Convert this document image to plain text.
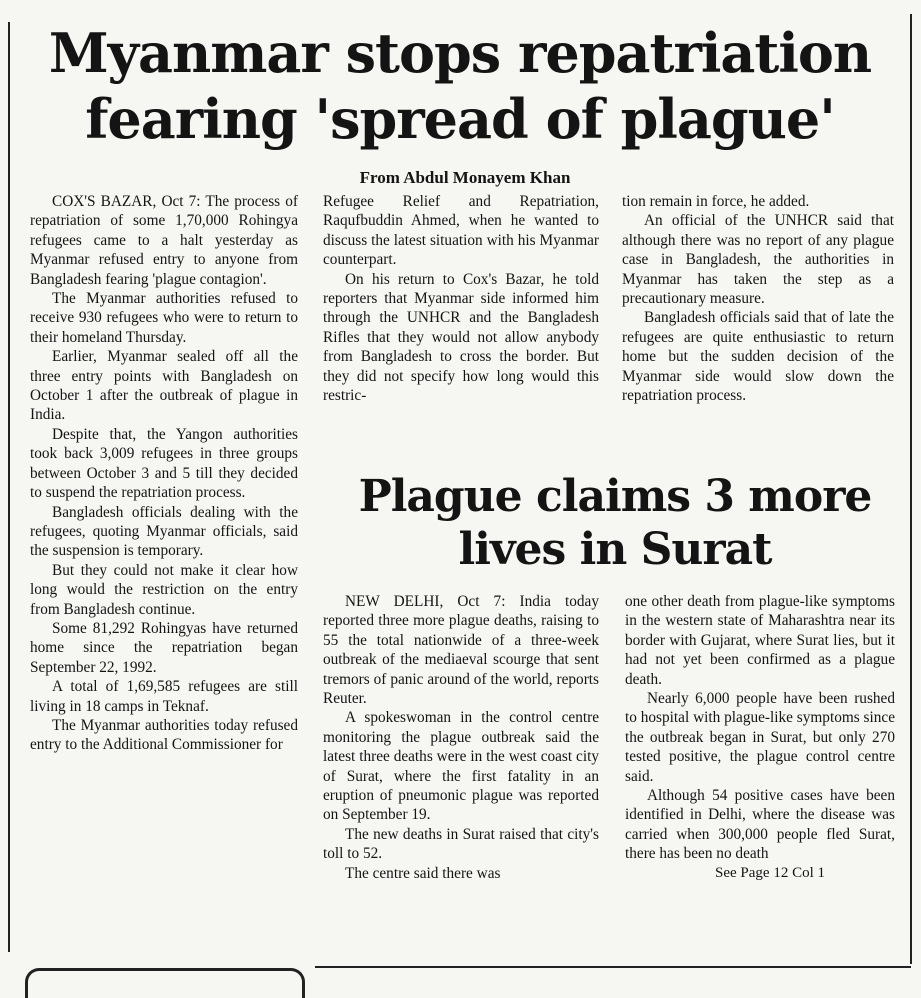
Myanmar stops repatriation
fearing 'spread of plague'
From Abdul Monayem Khan

COX'S BAZAR, Oct 7: The process of repatriation of some 1,70,000 Rohingya refugees came to a halt yesterday as Myanmar refused entry to anyone from Bangladesh fearing 'plague contagion'.

The Myanmar authorities refused to receive 930 refugees who were to return to their homeland Thursday.

Earlier, Myanmar sealed off all the three entry points with Bangladesh on October 1 after the outbreak of plague in India.

Despite that, the Yangon authorities took back 3,009 refugees in three groups between October 3 and 5 till they decided to suspend the repatriation process.

Bangladesh officials dealing with the refugees, quoting Myanmar officials, said the suspension is temporary.

But they could not make it clear how long would the restriction on the entry from Bangladesh continue.

Some 81,292 Rohingyas have returned home since the repatriation began September 22, 1992.

A total of 1,69,585 refugees are still living in 18 camps in Teknaf.

The Myanmar authorities today refused entry to the Additional Commissioner for

Refugee Relief and Repatriation, Raqufbuddin Ahmed, when he wanted to discuss the latest situation with his Myanmar counterpart.

On his return to Cox's Bazar, he told reporters that Myanmar side informed him through the UNHCR and the Bangladesh Rifles that they would not allow anybody from Bangladesh to cross the border. But they did not specify how long would this restric-

tion remain in force, he added.

An official of the UNHCR said that although there was no report of any plague case in Bangladesh, the authorities in Myanmar has taken the step as a precautionary measure.

Bangladesh officials said that of late the refugees are quite enthusiastic to return home but the sudden decision of the Myanmar side would slow down the repatriation process.

Plague claims 3 more
lives in Surat

NEW DELHI, Oct 7: India today reported three more plague deaths, raising to 55 the total nationwide of a three-week outbreak of the mediaeval scourge that sent tremors of panic around of the world, reports Reuter.

A spokeswoman in the control centre monitoring the plague outbreak said the latest three deaths were in the west coast city of Surat, where the first fatality in an eruption of pneumonic plague was reported on September 19.

The new deaths in Surat raised that city's toll to 52.

The centre said there was

one other death from plague-like symptoms in the western state of Maharashtra near its border with Gujarat, where Surat lies, but it had not yet been confirmed as a plague death.

Nearly 6,000 people have been rushed to hospital with plague-like symptoms since the outbreak began in Surat, but only 270 tested positive, the plague control centre said.

Although 54 positive cases have been identified in Delhi, where the disease was carried when 300,000 people fled Surat, there has been no death

See Page 12 Col 1
